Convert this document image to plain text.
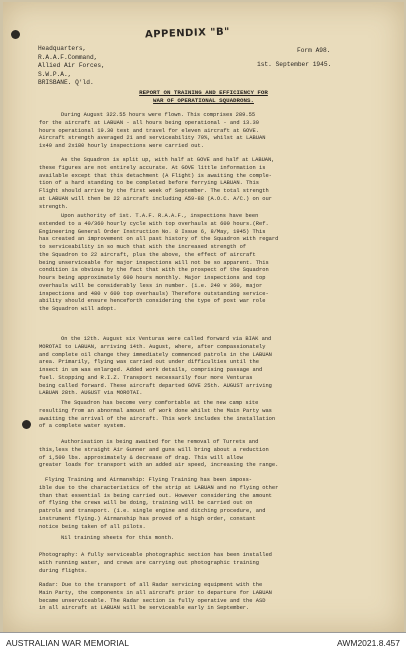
APPENDIX "B"
Headquarters,
R.A.A.F.Command,
Allied Air Forces,
S.W.P.A.,
BRISBANE. Q'ld.
Form A98.
1st. September 1945.
REPORT ON TRAINING AND EFFICIENCY FOR
WAR OF OPERATIONAL SQUADRONS.
During August 322.55 hours were flown. This comprises 289.55
for the aircraft at LABUAN - all hours being operational - and 13.30
hours operational 19.30 test and travel for eleven aircraft at GOVE.
Aircraft strength averaged 21 and serviceability 70%, whilst at LABUAN
1x40 and 2x180 hourly inspections were carried out.
As the Squadron is split up, with half at GOVE and half at LABUAN,
these figures are not entirely accurate. At GOVE little information is
available except that this detachment (A Flight) is awaiting the comple-
tion of a hard standing to be completed before ferrying LABUAN. This
Flight should arrive by the first week of September. The total strength
at LABUAN will then be 22 aircraft including A59-88 (A.O.C. A/C.) on our
strength.
Upon authority of 1st. T.A.F. R.A.A.F., inspections have been
extended to a 40/360 hourly cycle with top overhauls at 600 hours.(Ref.
Engineering General Order Instruction No. 8 Issue 6, 8/May, 1945) This
has created an improvement on all past history of the Squadron with regard
to serviceability in so much that with the increased strength of
the Squadron to 22 aircraft, plus the above, the effect of aircraft
being unserviceable for major inspections will not be so apparent. This
condition is obvious by the fact that with the prospect of the Squadron
hours being approximately 600 hours monthly. Major inspections and top
overhauls will be considerably less in number. (i.e. 240 v 360, major
inspections and 480 v 600 top overhauls) Therefore outstanding service-
ability should ensure henceforth considering the type of post war role
the Squadron will adopt.
On the 12th. August six Venturas were called forward via BIAK and
MOROTAI to LABUAN, arriving 14th. August, where, after compassionately
and complete oil change they immediately commenced patrols in the LABUAN
area. Primarily, flying was carried out under difficulties until the
insect in um was enlarged. Added work details, comprising passage and
fuel. Stopping and R.I.Z. Transport necessarily four more Venturas
being called forward. These aircraft departed GOVE 25th. AUGUST arriving
LABUAN 28th. AUGUST via MOROTAI.
The Squadron has become very comfortable at the new camp site
resulting from an abnormal amount of work done whilst the Main Party was
awaiting the arrival of the aircraft. This work includes the installation
of a complete water system.
Authorisation is being awaited for the removal of Turrets and
this,less the straight Air Gunner and guns will bring about a reduction
of 1,500 lbs. approximately & decrease of drag. This will allow
greater loads for transport with an added air speed, increasing the range.
Flying Training and Airmanship: Flying Training has been imposs-
ible due to the characteristics of the strip at LABUAN and no flying other
than that essential is being carried out. However considering the amount
of flying the crews will be doing, training will be carried out on
patrols and transport. (i.e. single engine and ditching procedure, and
instrument flying.) Airmanship has proved of a high order, constant
notice being taken of all pilots.
Nil training sheets for this month.
Photography: A fully serviceable photographic section has been installed
with running water, and crews are carrying out photographic training
during flights.
Radar: Due to the transport of all Radar servicing equipment with the
Main Party, the components in all aircraft prior to departure for LABUAN
became unserviceable. The Radar section is fully operative and the ASD
in all aircraft at LABUAN will be serviceable early in September.
AUSTRALIAN WAR MEMORIAL	AWM2021.8.457
